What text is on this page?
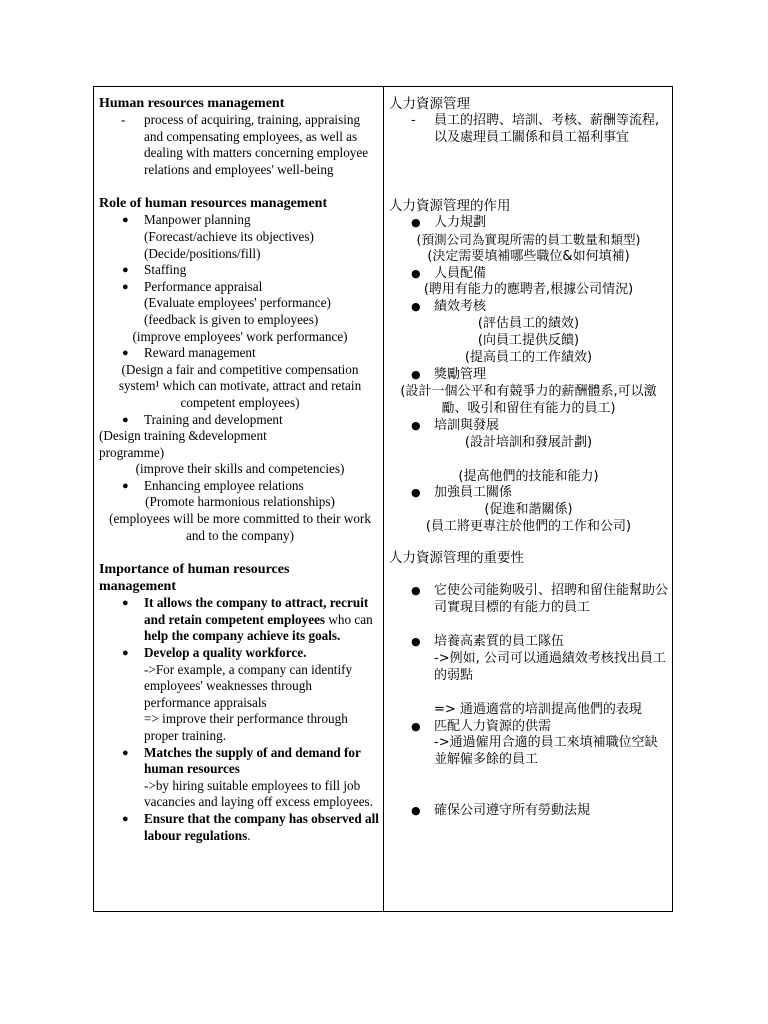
Human resources management
- process of acquiring, training, appraising and compensating employees, as well as dealing with matters concerning employee relations and employees' well-being
Role of human resources management
● Manpower planning
(Forecast/achieve its objectives)
(Decide/positions/fill)
● Staffing
● Performance appraisal
(Evaluate employees' performance)
(feedback is given to employees)
(improve employees' work performance)
● Reward management
(Design a fair and competitive compensation system¹ which can motivate, attract and retain competent employees)
● Training and development
(Design training &development programme)
(improve their skills and competencies)
● Enhancing employee relations
(Promote harmonious relationships)
(employees will be more committed to their work and to the company)
Importance of human resources management
● It allows the company to attract, recruit and retain competent employees who can help the company achieve its goals.
● Develop a quality workforce.
->For example, a company can identify employees' weaknesses through performance appraisals
=> improve their performance through proper training.
● Matches the supply of and demand for human resources
->by hiring suitable employees to fill job vacancies and laying off excess employees.
● Ensure that the company has observed all labour regulations.
人力資源管理
- 員工的招聘、培訓、考核、薪酬等流程, 以及處理員工關係和員工福利事宜
人力資源管理的作用
● 人力規劃
(預測公司為實現所需的員工數量和類型)
(決定需要填補哪些職位&如何填補)
● 人員配備
(聘用有能力的應聘者,根據公司情況)
● 績效考核
(評估員工的績效)
(向員工提供反饋)
(提高員工的工作績效)
● 獎勵管理
(設計一個公平和有競爭力的薪酬體系,可以激勵、吸引和留住有能力的員工)
● 培訓與發展
(設計培訓和發展計劃)
(提高他們的技能和能力)
● 加強員工關係
(促進和諧關係)
(員工將更專注於他們的工作和公司)
人力資源管理的重要性
● 它使公司能夠吸引、招聘和留住能幫助公司實現目標的有能力的員工
● 培養高素質的員工隊伍
->例如, 公司可以通過績效考核找出員工的弱點
=> 通過適當的培訓提高他們的表現
● 匹配人力資源的供需
->通過僱用合適的員工來填補職位空缺並解僱多餘的員工
● 確保公司遵守所有勞動法規
